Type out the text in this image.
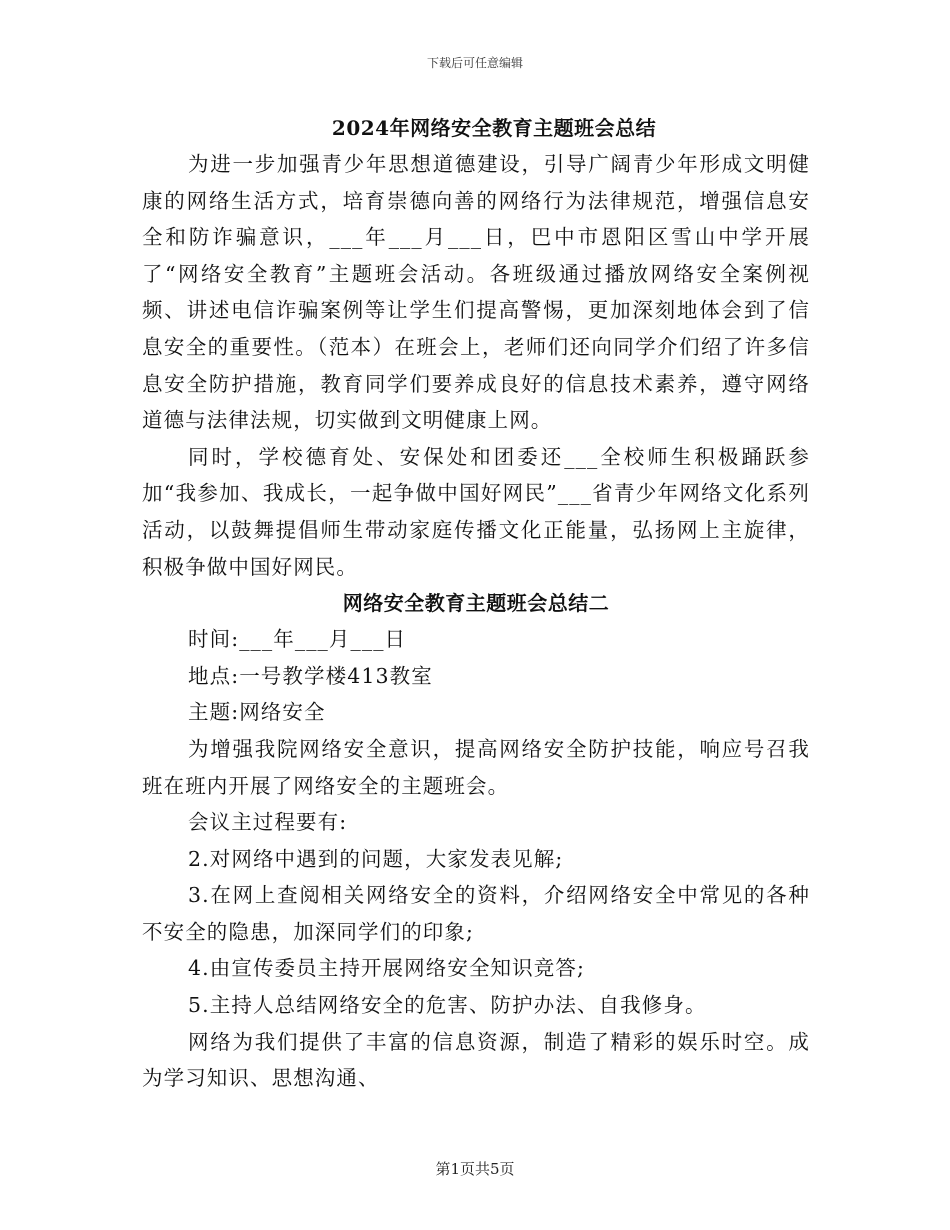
下载后可任意编辑
2024年网络安全教育主题班会总结

为进一步加强青少年思想道德建设，引导广阔青少年形成文明健康的网络生活方式，培育崇德向善的网络行为法律规范，增强信息安全和防诈骗意识，___年___月___日，巴中市恩阳区雪山中学开展了“网络安全教育”主题班会活动。各班级通过播放网络安全案例视频、讲述电信诈骗案例等让学生们提高警惕，更加深刻地体会到了信息安全的重要性。（范本）在班会上，老师们还向同学介们绍了许多信息安全防护措施，教育同学们要养成良好的信息技术素养，遵守网络道德与法律法规，切实做到文明健康上网。

同时，学校德育处、安保处和团委还___全校师生积极踊跃参加“我参加、我成长，一起争做中国好网民”___省青少年网络文化系列活动，以鼓舞提倡师生带动家庭传播文化正能量，弘扬网上主旋律，积极争做中国好网民。

网络安全教育主题班会总结二

时间:___年___月___日

地点:一号教学楼413教室

主题:网络安全

为增强我院网络安全意识，提高网络安全防护技能，响应号召我班在班内开展了网络安全的主题班会。

会议主过程要有:

2.对网络中遇到的问题，大家发表见解;

3.在网上查阅相关网络安全的资料，介绍网络安全中常见的各种不安全的隐患，加深同学们的印象;

4.由宣传委员主持开展网络安全知识竞答;

5.主持人总结网络安全的危害、防护办法、自我修身。

网络为我们提供了丰富的信息资源，制造了精彩的娱乐时空。成为学习知识、思想沟通、

第1页共5页
